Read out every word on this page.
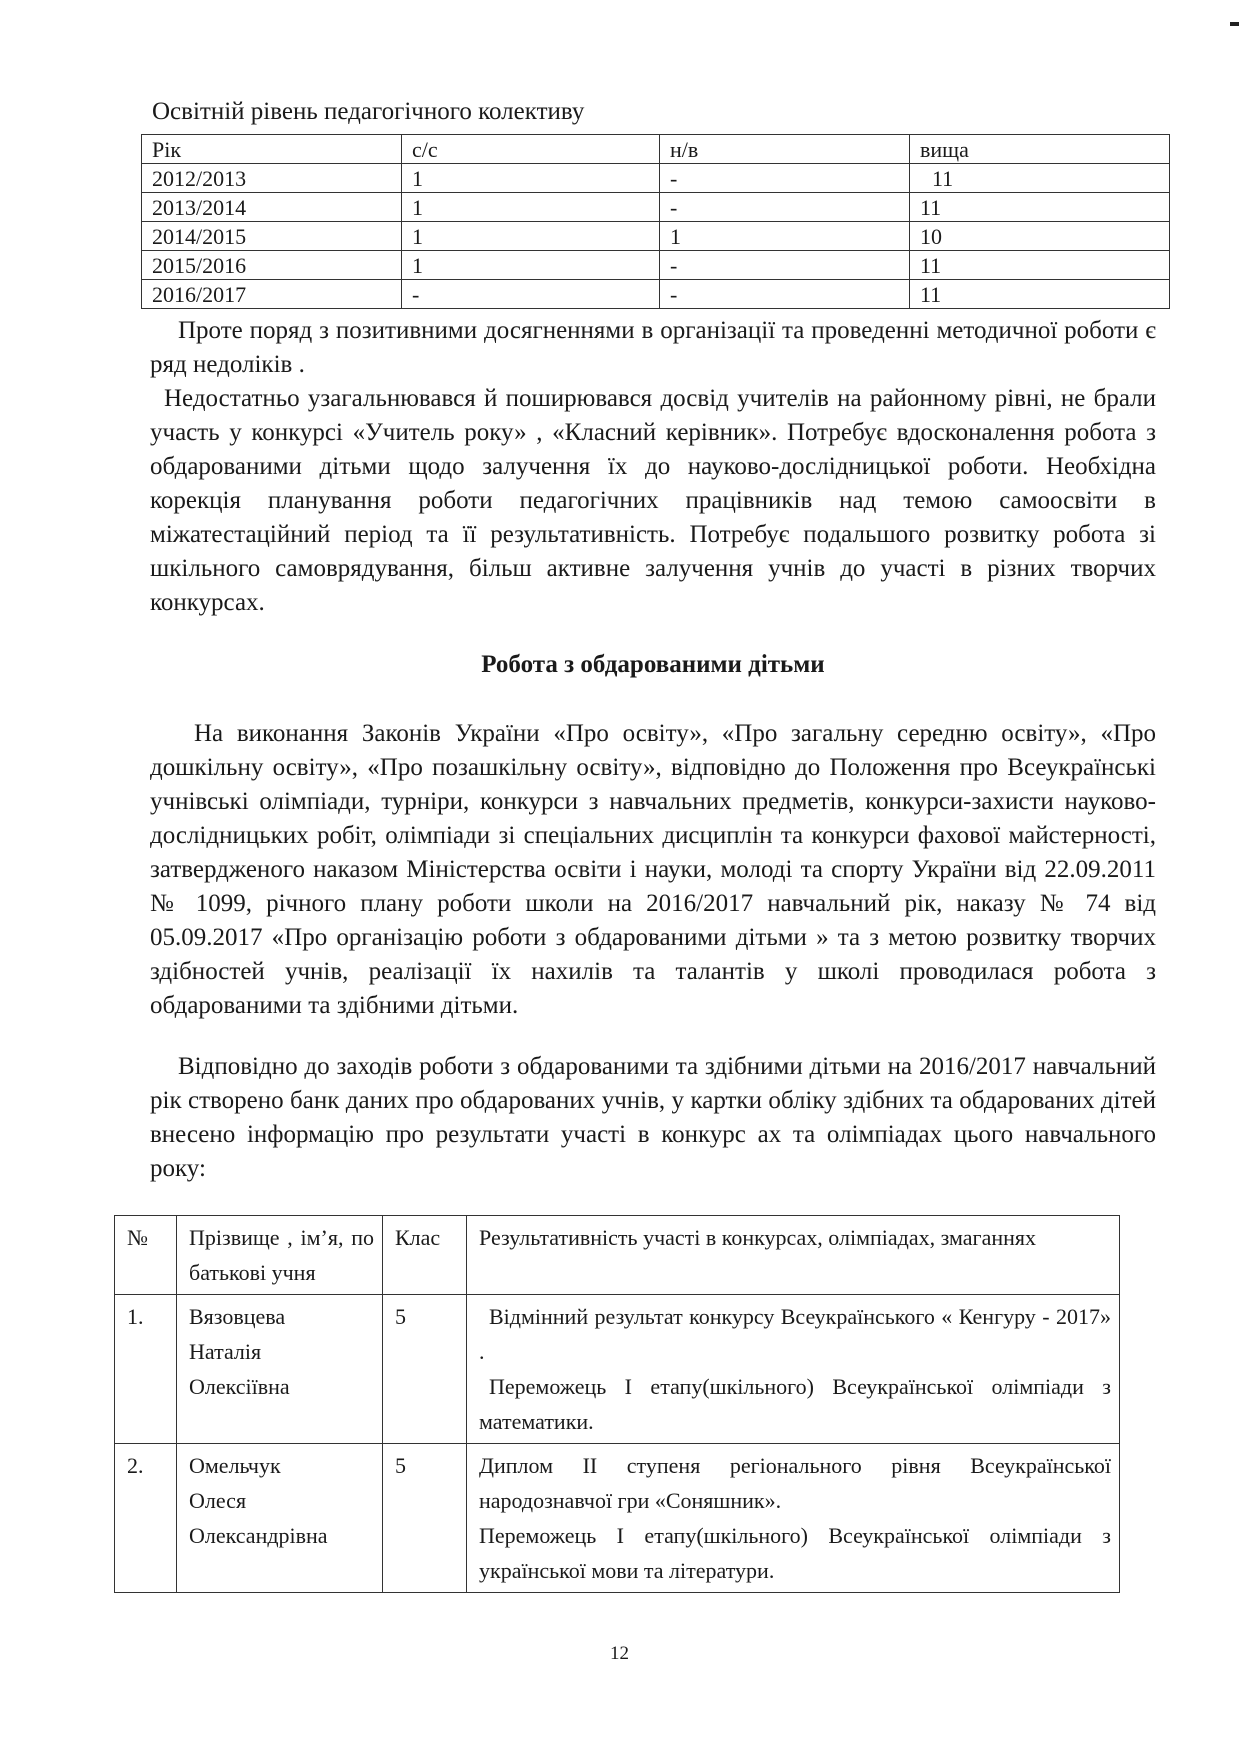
Освітній рівень педагогічного колективу
Рік	с/с	н/в	вища
2012/2013	1	-	11
2013/2014	1	-	11
2014/2015	1	1	10
2015/2016	1	-	11
2016/2017	-	-	11

Проте поряд з позитивними досягненнями в організації та проведенні методичної роботи є ряд недоліків .

Недостатньо узагальнювався й поширювався досвід учителів на районному рівні, не брали участь у конкурсі «Учитель року» , «Класний керівник». Потребує вдосконалення робота з обдарованими дітьми щодо залучення їх до науково-дослідницької роботи. Необхідна корекція планування роботи педагогічних працівників над темою самоосвіти в міжатестаційний період та її результативність. Потребує подальшого розвитку робота зі шкільного самоврядування, більш активне залучення учнів до участі в різних творчих конкурсах.

Робота з обдарованими дітьми

На виконання Законів України «Про освіту», «Про загальну середню освіту», «Про дошкільну освіту», «Про позашкільну освіту», відповідно до Положення про Всеукраїнські учнівські олімпіади, турніри, конкурси з навчальних предметів, конкурси-захисти науково-дослідницьких робіт, олімпіади зі спеціальних дисциплін та конкурси фахової майстерності, затвердженого наказом Міністерства освіти і науки, молоді та спорту України від 22.09.2011 № 1099, річного плану роботи школи на 2016/2017 навчальний рік, наказу № 74 від 05.09.2017 «Про організацію роботи з обдарованими дітьми » та з метою розвитку творчих здібностей учнів, реалізації їх нахилів та талантів у школі проводилася робота з обдарованими та здібними дітьми.

Відповідно до заходів роботи з обдарованими та здібними дітьми на 2016/2017 навчальний рік створено банк даних про обдарованих учнів, у картки обліку здібних та обдарованих дітей внесено інформацію про результати участі в конкурс ах та олімпіадах цього навчального року:

№	Прізвище , ім’я, по батькові учня	Клас	Результативність участі в конкурсах, олімпіадах, змаганнях
1.	Вязовцева
Наталія
Олексіївна	5	Відмінний результат конкурсу Всеукраїнського « Кенгуру - 2017» .
Переможець І етапу(шкільного) Всеукраїнської олімпіади з математики.

2.	Омельчук
Олеся
Олександрівна	5	Диплом ІІ ступеня регіонального рівня Всеукраїнської народознавчої гри «Соняшник».
Переможець І етапу(шкільного) Всеукраїнської олімпіади з української мови та літератури.
12
